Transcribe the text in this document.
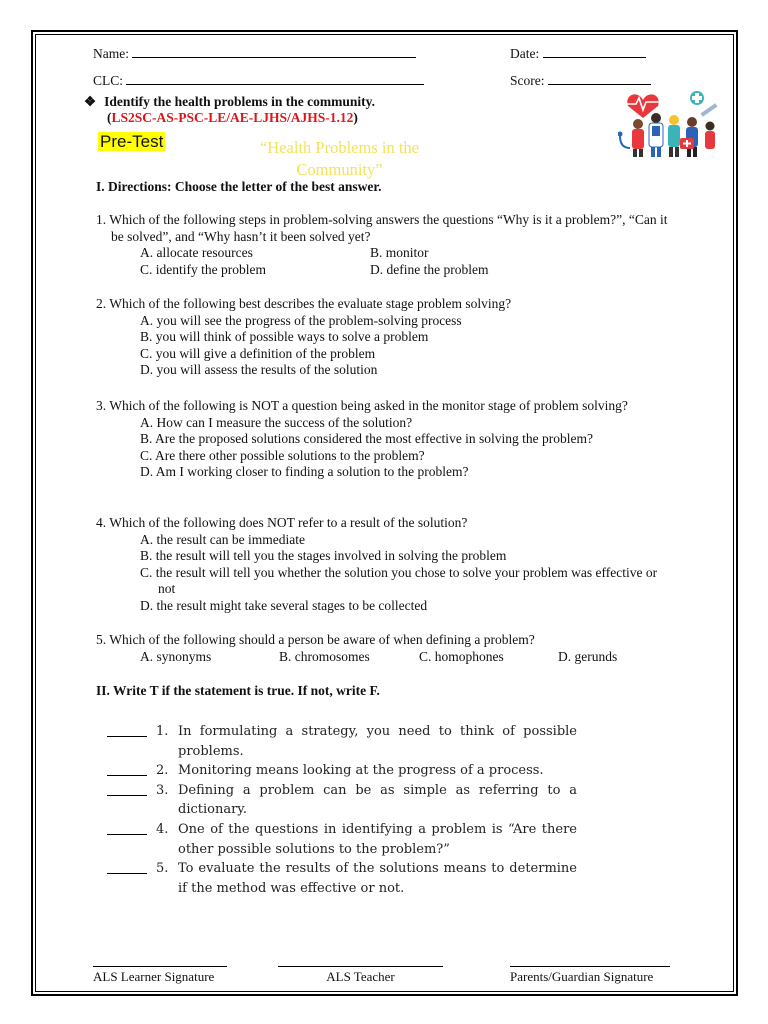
Name:	Date:
CLC:	Score:
❖ Identify the health problems in the community.
(LS2SC-AS-PSC-LE/AE-LJHS/AJHS-1.12)
Pre-Test	“Health Problems in the Community”
I. Directions: Choose the letter of the best answer.
1. Which of the following steps in problem-solving answers the questions “Why is it a problem?”, “Can it be solved”, and “Why hasn’t it been solved yet?
A. allocate resources	B. monitor
C. identify the problem	D. define the problem
2. Which of the following best describes the evaluate stage problem solving?
A. you will see the progress of the problem-solving process
B. you will think of possible ways to solve a problem
C. you will give a definition of the problem
D. you will assess the results of the solution
3. Which of the following is NOT a question being asked in the monitor stage of problem solving?
A. How can I measure the success of the solution?
B. Are the proposed solutions considered the most effective in solving the problem?
C. Are there other possible solutions to the problem?
D. Am I working closer to finding a solution to the problem?
4. Which of the following does NOT refer to a result of the solution?
A. the result can be immediate
B. the result will tell you the stages involved in solving the problem
C. the result will tell you whether the solution you chose to solve your problem was effective or not
D. the result might take several stages to be collected
5. Which of the following should a person be aware of when defining a problem?
A. synonyms	B. chromosomes	C. homophones	D. gerunds
II. Write T if the statement is true. If not, write F.
1. In formulating a strategy, you need to think of possible problems.
2. Monitoring means looking at the progress of a process.
3. Defining a problem can be as simple as referring to a dictionary.
4. One of the questions in identifying a problem is “Are there other possible solutions to the problem?”
5. To evaluate the results of the solutions means to determine if the method was effective or not.
ALS Learner Signature	ALS Teacher	Parents/Guardian Signature
